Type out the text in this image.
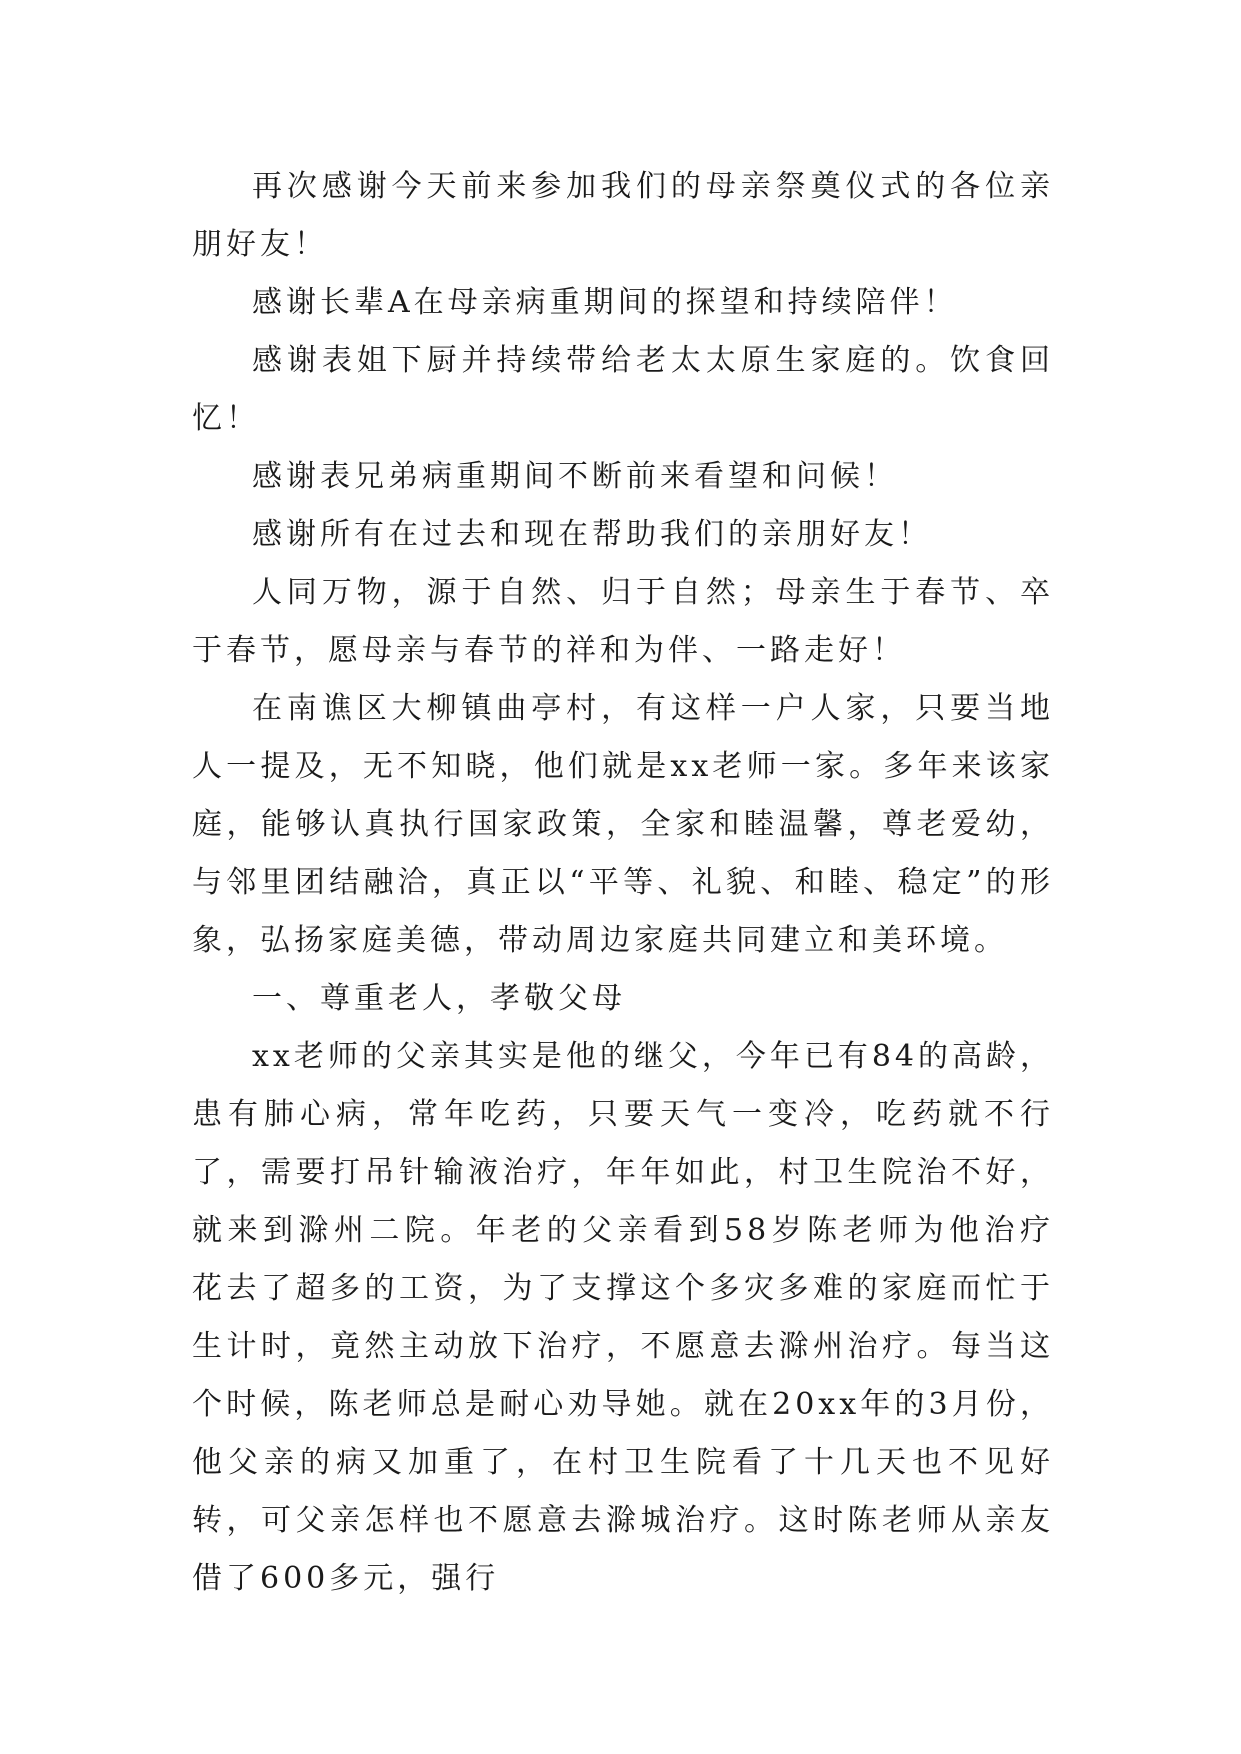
再次感谢今天前来参加我们的母亲祭奠仪式的各位亲朋好友！

感谢长辈A在母亲病重期间的探望和持续陪伴！

感谢表姐下厨并持续带给老太太原生家庭的。饮食回忆！

感谢表兄弟病重期间不断前来看望和问候！

感谢所有在过去和现在帮助我们的亲朋好友！

人同万物，源于自然、归于自然；母亲生于春节、卒于春节，愿母亲与春节的祥和为伴、一路走好！

在南谯区大柳镇曲亭村，有这样一户人家，只要当地人一提及，无不知晓，他们就是xx老师一家。多年来该家庭，能够认真执行国家政策，全家和睦温馨，尊老爱幼，与邻里团结融洽，真正以“平等、礼貌、和睦、稳定”的形象，弘扬家庭美德，带动周边家庭共同建立和美环境。

一、尊重老人，孝敬父母

xx老师的父亲其实是他的继父，今年已有84的高龄，患有肺心病，常年吃药，只要天气一变冷，吃药就不行了，需要打吊针输液治疗，年年如此，村卫生院治不好，就来到滁州二院。年老的父亲看到58岁陈老师为他治疗花去了超多的工资，为了支撑这个多灾多难的家庭而忙于生计时，竟然主动放下治疗，不愿意去滁州治疗。每当这个时候，陈老师总是耐心劝导她。就在20xx年的3月份，他父亲的病又加重了，在村卫生院看了十几天也不见好转，可父亲怎样也不愿意去滁城治疗。这时陈老师从亲友借了600多元，强行
